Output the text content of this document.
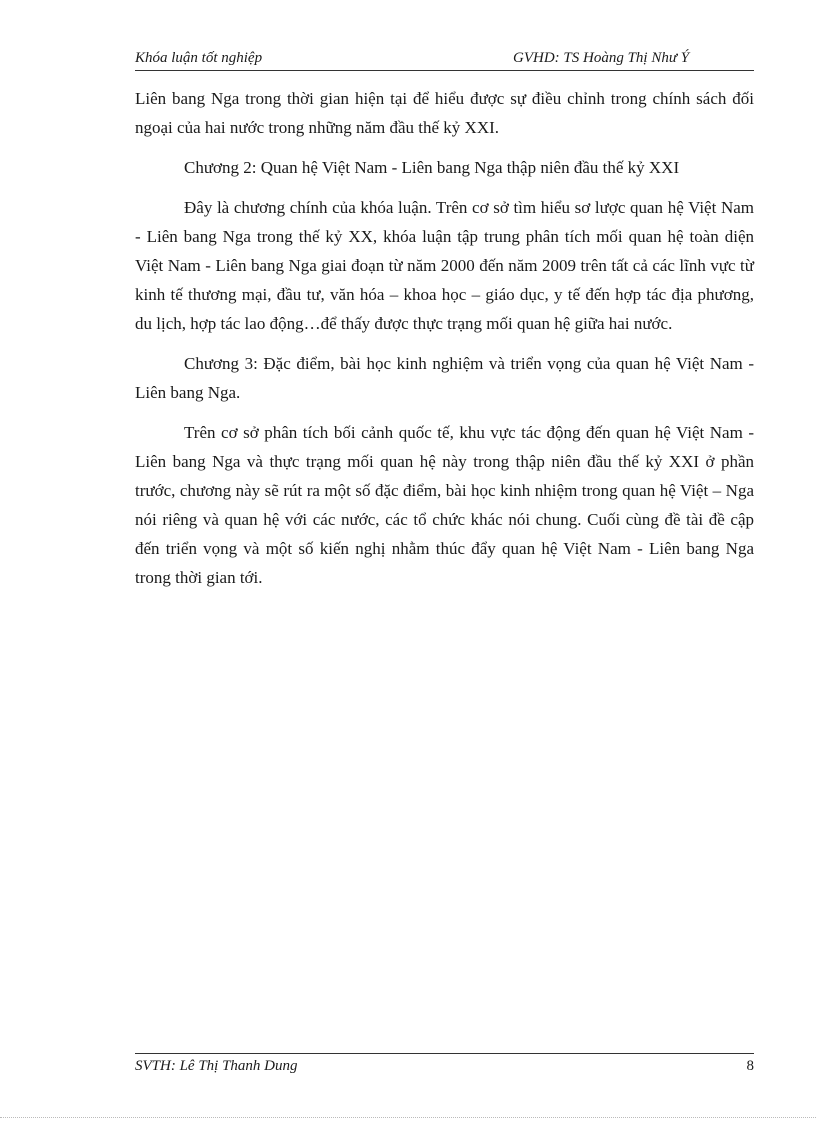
Khóa luận tốt nghiệp	GVHD: TS Hoàng Thị Như Ý

Liên bang Nga trong thời gian hiện tại để hiểu được sự điều chỉnh trong chính sách đối ngoại của hai nước trong những năm đầu thế kỷ XXI.

Chương 2: Quan hệ Việt Nam - Liên bang Nga thập niên đầu thế kỷ XXI

Đây là chương chính của khóa luận. Trên cơ sở tìm hiểu sơ lược quan hệ Việt Nam - Liên bang Nga trong thế kỷ XX, khóa luận tập trung phân tích mối quan hệ toàn diện Việt Nam - Liên bang Nga giai đoạn từ năm 2000 đến năm 2009 trên tất cả các lĩnh vực từ kinh tế thương mại, đầu tư, văn hóa – khoa học – giáo dục, y tế đến hợp tác địa phương, du lịch, hợp tác lao động…để thấy được thực trạng mối quan hệ giữa hai nước.

Chương 3: Đặc điểm, bài học kinh nghiệm và triển vọng của quan hệ Việt Nam - Liên bang Nga.

Trên cơ sở phân tích bối cảnh quốc tế, khu vực tác động đến quan hệ Việt Nam - Liên bang Nga và thực trạng mối quan hệ này trong thập niên đầu thế kỷ XXI ở phần trước, chương này sẽ rút ra một số đặc điểm, bài học kinh nhiệm trong quan hệ Việt – Nga nói riêng và quan hệ với các nước, các tổ chức khác nói chung. Cuối cùng đề tài đề cập đến triển vọng và một số kiến nghị nhằm thúc đẩy quan hệ Việt Nam - Liên bang Nga trong thời gian tới.

SVTH: Lê Thị Thanh Dung	8
